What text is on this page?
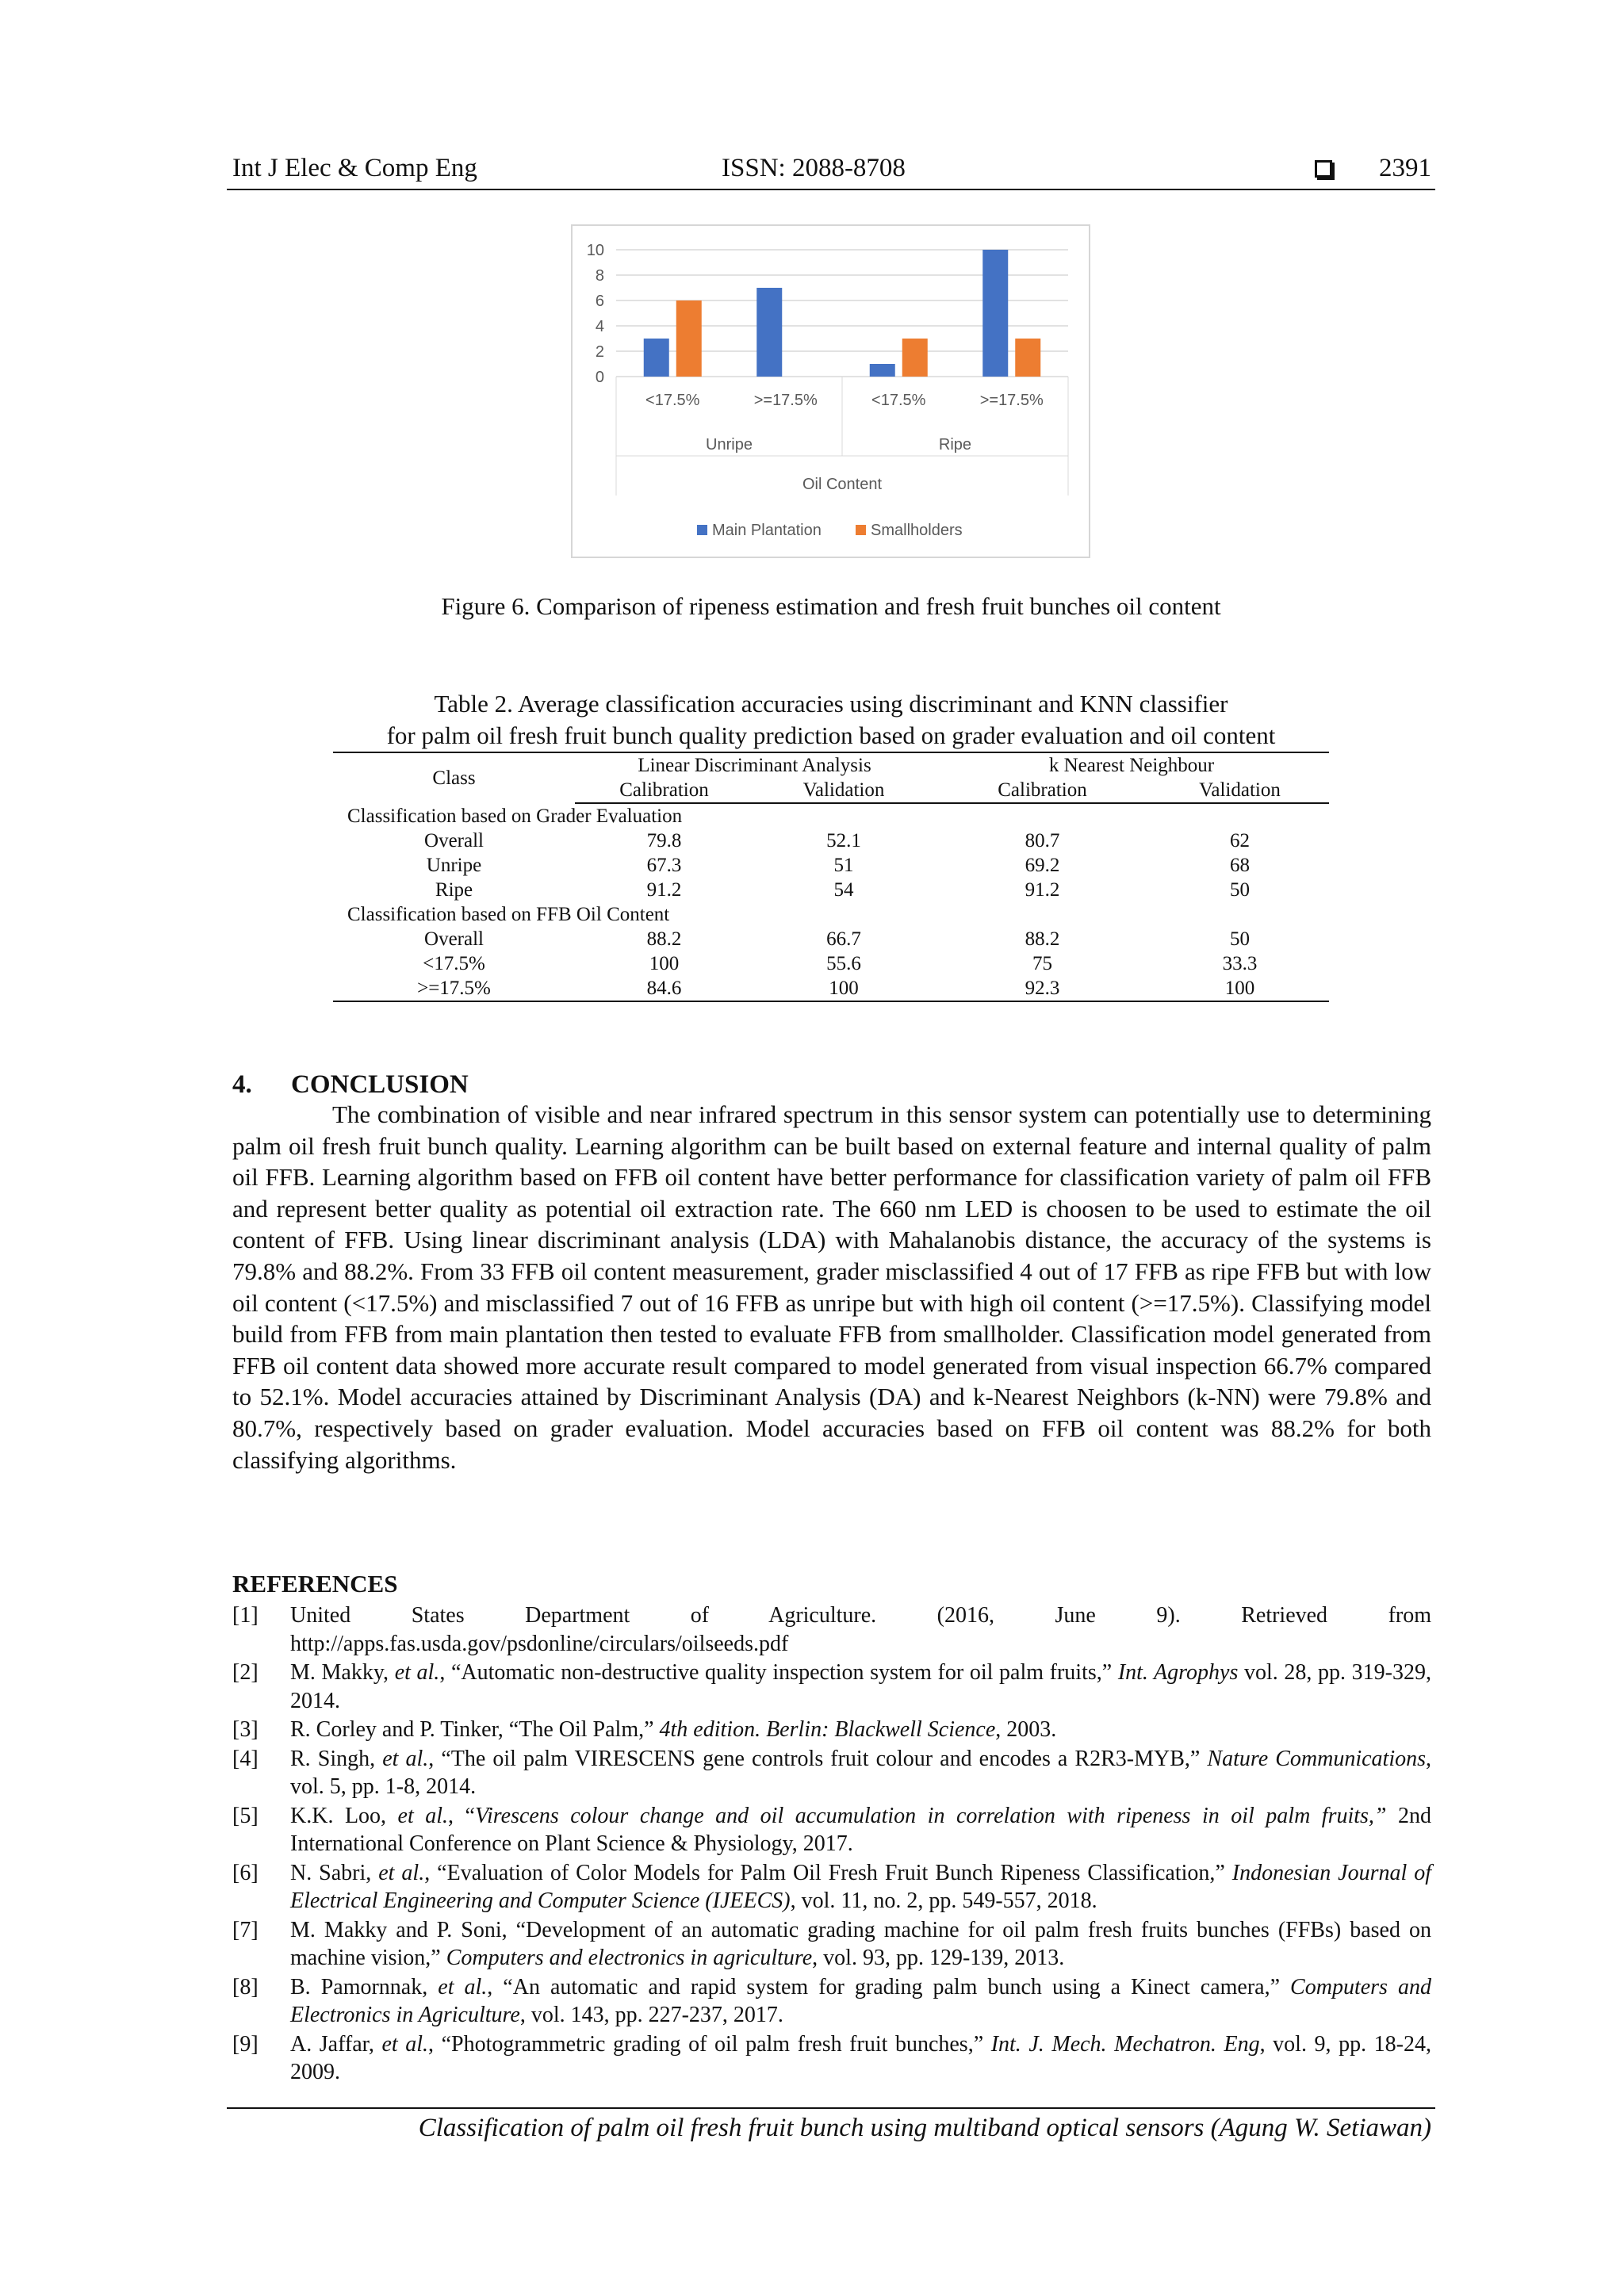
Int J Elec & Comp Eng	ISSN: 2088-8708	2391
0
2
4
6
8
10
<17.5%	>=17.5%
Unripe
<17.5%	>=17.5%
Ripe
Oil Content
Main Plantation	Smallholders
Figure 6. Comparison of ripeness estimation and fresh fruit bunches oil content
Table 2. Average classification accuracies using discriminant and KNN classifier
for palm oil fresh fruit bunch quality prediction based on grader evaluation and oil content
Class	Linear Discriminant Analysis		k Nearest Neighbour	
	Calibration	Validation	Calibration	Validation
Classification based on Grader Evaluation				
Overall	79.8	52.1	80.7	62
Unripe	67.3	51	69.2	68
Ripe	91.2	54	91.2	50
Classification based on FFB Oil Content				
Overall	88.2	66.7	88.2	50
<17.5%	100	55.6	75	33.3
>=17.5%	84.6	100	92.3	100
4. CONCLUSION

The combination of visible and near infrared spectrum in this sensor system can potentially use to determining palm oil fresh fruit bunch quality. Learning algorithm can be built based on external feature and internal quality of palm oil FFB. Learning algorithm based on FFB oil content have better performance for classification variety of palm oil FFB and represent better quality as potential oil extraction rate. The 660 nm LED is choosen to be used to estimate the oil content of FFB. Using linear discriminant analysis (LDA) with Mahalanobis distance, the accuracy of the systems is 79.8% and 88.2%. From 33 FFB oil content measurement, grader misclassified 4 out of 17 FFB as ripe FFB but with low oil content (<17.5%) and misclassified 7 out of 16 FFB as unripe but with high oil content (>=17.5%). Classifying model build from FFB from main plantation then tested to evaluate FFB from smallholder. Classification model generated from FFB oil content data showed more accurate result compared to model generated from visual inspection 66.7% compared to 52.1%. Model accuracies attained by Discriminant Analysis (DA) and k-Nearest Neighbors (k-NN) were 79.8% and 80.7%, respectively based on grader evaluation. Model accuracies based on FFB oil content was 88.2% for both classifying algorithms.

REFERENCES
[1]	United States Department of Agriculture. (2016, June 9). Retrieved from
http://apps.fas.usda.gov/psdonline/circulars/oilseeds.pdf
[2]	M. Makky, et al., “Automatic non-destructive quality inspection system for oil palm fruits,” Int. Agrophys vol. 28, pp. 319-329, 2014.
[3]	R. Corley and P. Tinker, “The Oil Palm,” 4th edition. Berlin: Blackwell Science, 2003.
[4]	R. Singh, et al., “The oil palm VIRESCENS gene controls fruit colour and encodes a R2R3-MYB,” Nature Communications, vol. 5, pp. 1-8, 2014.
[5]	K.K. Loo, et al., “Virescens colour change and oil accumulation in correlation with ripeness in oil palm fruits,” 2nd International Conference on Plant Science & Physiology, 2017.
[6]	N. Sabri, et al., “Evaluation of Color Models for Palm Oil Fresh Fruit Bunch Ripeness Classification,” Indonesian Journal of Electrical Engineering and Computer Science (IJEECS), vol. 11, no. 2, pp. 549-557, 2018.
[7]	M. Makky and P. Soni, “Development of an automatic grading machine for oil palm fresh fruits bunches (FFBs) based on machine vision,” Computers and electronics in agriculture, vol. 93, pp. 129-139, 2013.
[8]	B. Pamornnak, et al., “An automatic and rapid system for grading palm bunch using a Kinect camera,” Computers and Electronics in Agriculture, vol. 143, pp. 227-237, 2017.
[9]	A. Jaffar, et al., “Photogrammetric grading of oil palm fresh fruit bunches,” Int. J. Mech. Mechatron. Eng, vol. 9, pp. 18-24, 2009.
Classification of palm oil fresh fruit bunch using multiband optical sensors (Agung W. Setiawan)
